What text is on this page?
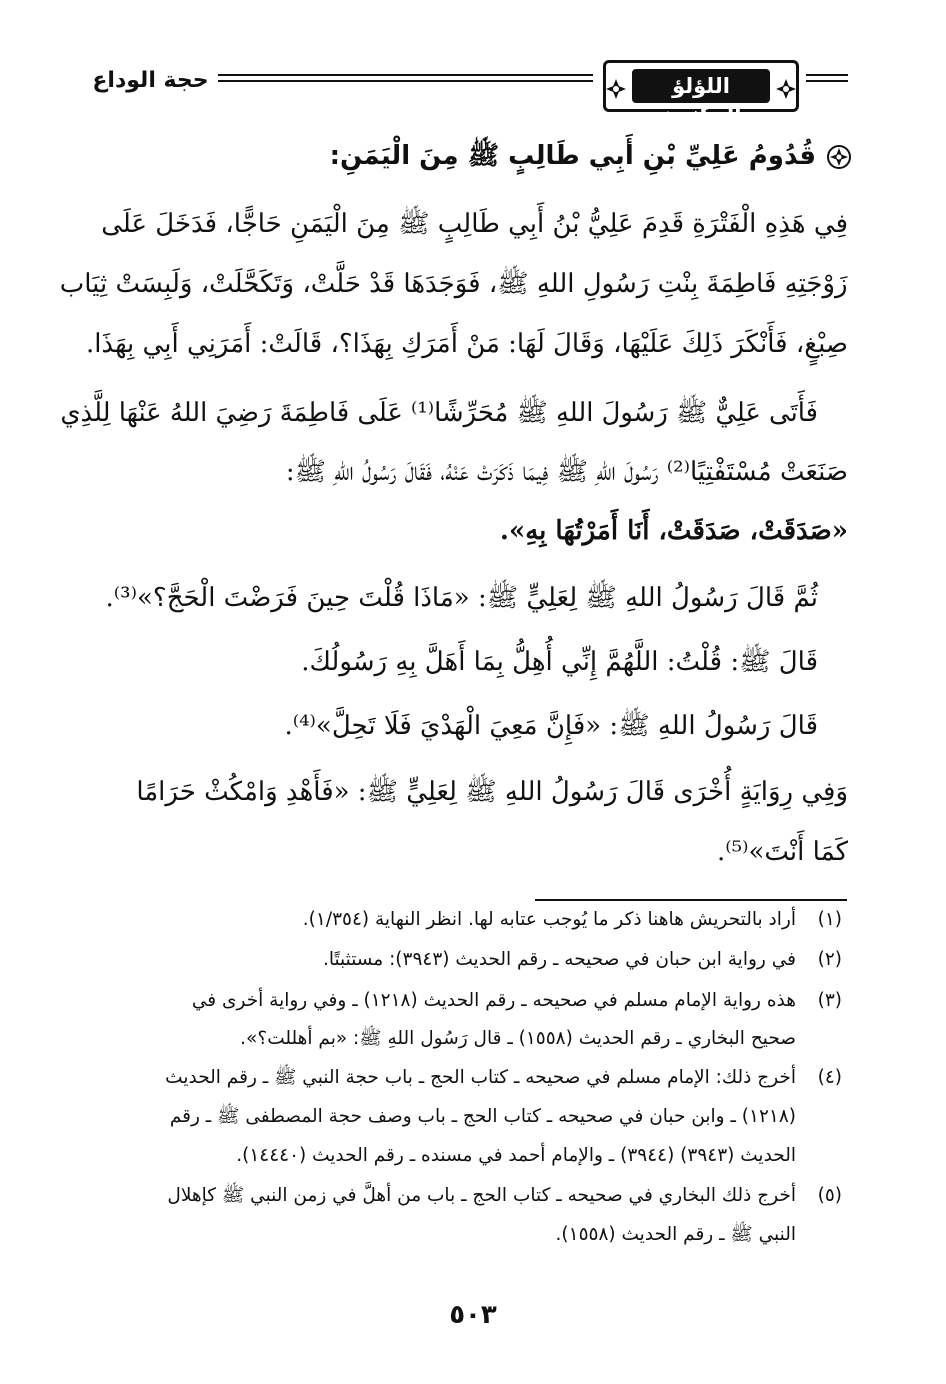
حجة الوداع	اللؤلؤ المكنون
قُدُومُ عَلِيِّ بْنِ أَبِي طَالِبٍ ﷺ مِنَ الْيَمَنِ:
فِي هَذِهِ الْفَتْرَةِ قَدِمَ عَلِيُّ بْنُ أَبِي طَالِبٍ ﷺ مِنَ الْيَمَنِ حَاجًّا، فَدَخَلَ عَلَى
زَوْجَتِهِ فَاطِمَةَ بِنْتِ رَسُولِ اللهِ ﷺ، فَوَجَدَهَا قَدْ حَلَّتْ، وَتَكَحَّلَتْ، وَلَبِسَتْ ثِيَاب
صِبْغٍ، فَأَنْكَرَ ذَلِكَ عَلَيْهَا، وَقَالَ لَهَا: مَنْ أَمَرَكِ بِهَذَا؟، قَالَتْ: أَمَرَنِي أَبِي بِهَذَا.
فَأَتَى عَلِيٌّ ﷺ رَسُولَ اللهِ ﷺ مُحَرِّشًا⁽¹⁾ عَلَى فَاطِمَةَ رَضِيَ اللهُ عَنْهَا لِلَّذِي
صَنَعَتْ مُسْتَفْتِيًا⁽²⁾ رَسُولَ اللهِ ﷺ فِيمَا ذَكَرَتْ عَنْهُ، فَقَالَ رَسُولُ اللهِ ﷺ:
«صَدَقَتْ، صَدَقَتْ، أَنَا أَمَرْتُهَا بِهِ».
ثُمَّ قَالَ رَسُولُ اللهِ ﷺ لِعَلِيٍّ ﷺ: «مَاذَا قُلْتَ حِينَ فَرَضْتَ الْحَجَّ؟»⁽³⁾.
قَالَ ﷺ: قُلْتُ: اللَّهُمَّ إِنِّي أُهِلُّ بِمَا أَهَلَّ بِهِ رَسُولُكَ.
قَالَ رَسُولُ اللهِ ﷺ: «فَإِنَّ مَعِيَ الْهَدْيَ فَلَا تَحِلَّ»⁽⁴⁾.
وَفِي رِوَايَةٍ أُخْرَى قَالَ رَسُولُ اللهِ ﷺ لِعَلِيٍّ ﷺ: «فَأَهْدِ وَامْكُثْ حَرَامًا
كَمَا أَنْتَ»⁽⁵⁾.
(١)
أراد بالتحريش هاهنا ذكر ما يُوجب عتابه لها. انظر النهاية (١/٣٥٤).
(٢)
في رواية ابن حبان في صحيحه ـ رقم الحديث (٣٩٤٣): مستثبتًا.
(٣)
هذه رواية الإمام مسلم في صحيحه ـ رقم الحديث (١٢١٨) ـ وفي رواية أخرى في
صحيح البخاري ـ رقم الحديث (١٥٥٨) ـ قال رَسُول اللهِ ﷺ: «بم أهللت؟».
(٤)
أخرج ذلك: الإمام مسلم في صحيحه ـ كتاب الحج ـ باب حجة النبي ﷺ ـ رقم الحديث
(١٢١٨) ـ وابن حبان في صحيحه ـ كتاب الحج ـ باب وصف حجة المصطفى ﷺ ـ رقم
الحديث (٣٩٤٣) (٣٩٤٤) ـ والإمام أحمد في مسنده ـ رقم الحديث (١٤٤٤٠).
(٥)
أخرج ذلك البخاري في صحيحه ـ كتاب الحج ـ باب من أهلَّ في زمن النبي ﷺ كإهلال
النبي ﷺ ـ رقم الحديث (١٥٥٨).
٥٠٣
